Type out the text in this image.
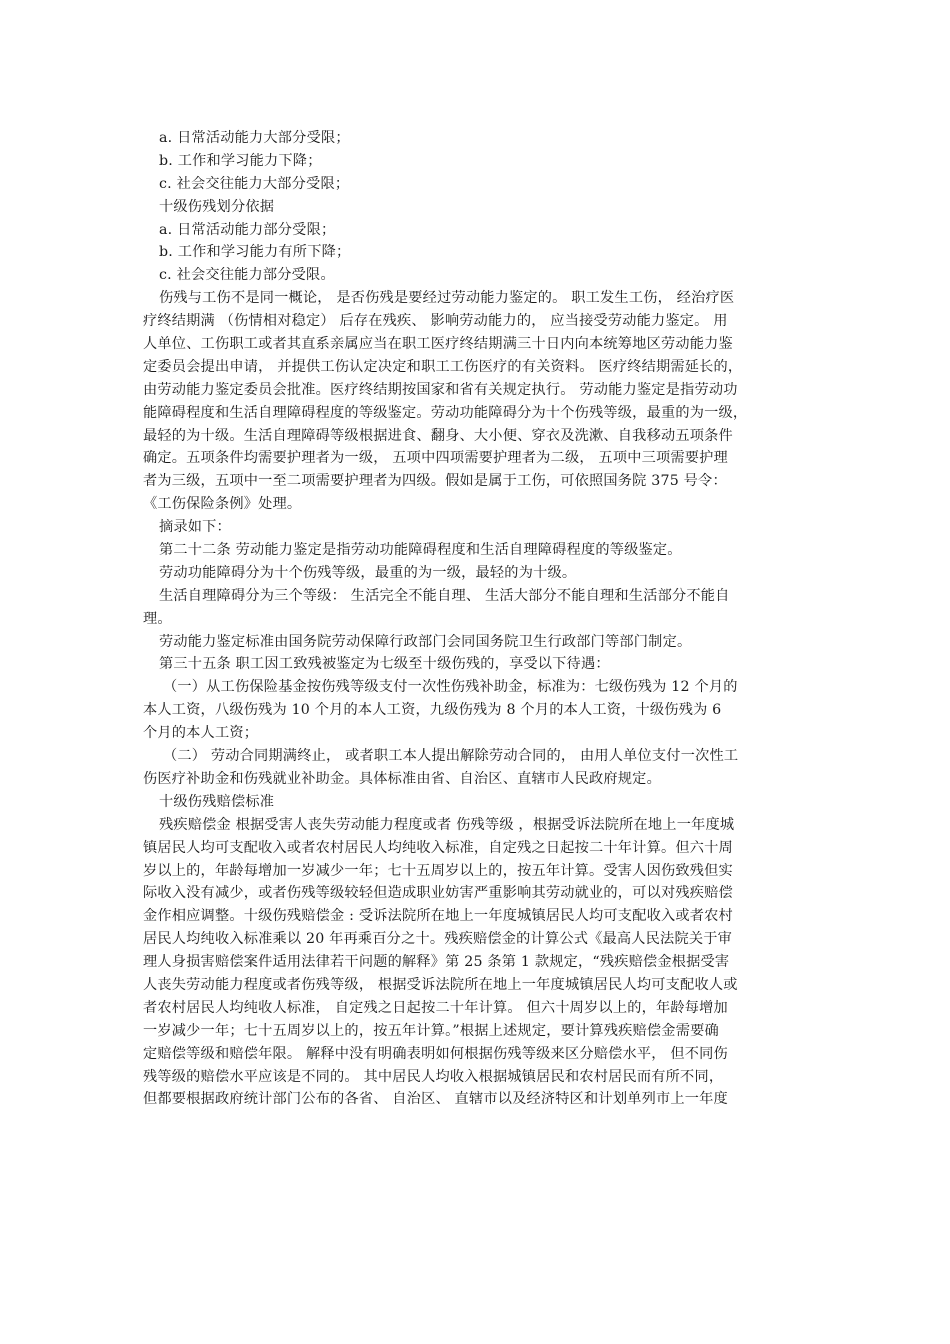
a. 日常活动能力大部分受限；
b. 工作和学习能力下降；
c. 社会交往能力大部分受限；
十级伤残划分依据
a. 日常活动能力部分受限；
b. 工作和学习能力有所下降；
c. 社会交往能力部分受限。
伤残与工伤不是同一概论， 是否伤残是要经过劳动能力鉴定的。 职工发生工伤， 经治疗医
疗终结期满 （伤情相对稳定） 后存在残疾、 影响劳动能力的， 应当接受劳动能力鉴定。 用
人单位、工伤职工或者其直系亲属应当在职工医疗终结期满三十日内向本统筹地区劳动能力鉴
定委员会提出申请， 并提供工伤认定决定和职工工伤医疗的有关资料。 医疗终结期需延长的，
由劳动能力鉴定委员会批准。医疗终结期按国家和省有关规定执行。 劳动能力鉴定是指劳动功
能障碍程度和生活自理障碍程度的等级鉴定。劳动功能障碍分为十个伤残等级，最重的为一级，
最轻的为十级。生活自理障碍等级根据进食、翻身、大小便、穿衣及洗漱、自我移动五项条件
确定。五项条件均需要护理者为一级， 五项中四项需要护理者为二级， 五项中三项需要护理
者为三级，五项中一至二项需要护理者为四级。假如是属于工伤，可依照国务院 375 号令：
《工伤保险条例》处理。
摘录如下：
第二十二条 劳动能力鉴定是指劳动功能障碍程度和生活自理障碍程度的等级鉴定。
劳动功能障碍分为十个伤残等级，最重的为一级，最轻的为十级。
生活自理障碍分为三个等级： 生活完全不能自理、 生活大部分不能自理和生活部分不能自
理。
劳动能力鉴定标准由国务院劳动保障行政部门会同国务院卫生行政部门等部门制定。
第三十五条 职工因工致残被鉴定为七级至十级伤残的，享受以下待遇：
（一）从工伤保险基金按伤残等级支付一次性伤残补助金，标准为：七级伤残为 12 个月的
本人工资，八级伤残为 10 个月的本人工资，九级伤残为 8 个月的本人工资，十级伤残为 6
个月的本人工资；
（二） 劳动合同期满终止， 或者职工本人提出解除劳动合同的， 由用人单位支付一次性工
伤医疗补助金和伤残就业补助金。具体标准由省、自治区、直辖市人民政府规定。
十级伤残赔偿标准
残疾赔偿金 根据受害人丧失劳动能力程度或者 伤残等级 ，根据受诉法院所在地上一年度城
镇居民人均可支配收入或者农村居民人均纯收入标准，自定残之日起按二十年计算。但六十周
岁以上的，年龄每增加一岁减少一年；七十五周岁以上的，按五年计算。受害人因伤致残但实
际收入没有减少，或者伤残等级较轻但造成职业妨害严重影响其劳动就业的，可以对残疾赔偿
金作相应调整。十级伤残赔偿金 : 受诉法院所在地上一年度城镇居民人均可支配收入或者农村
居民人均纯收入标准乘以 20 年再乘百分之十。残疾赔偿金的计算公式《最高人民法院关于审
理人身损害赔偿案件适用法律若干问题的解释》第 25 条第 1 款规定，“残疾赔偿金根据受害
人丧失劳动能力程度或者伤残等级， 根据受诉法院所在地上一年度城镇居民人均可支配收人或
者农村居民人均纯收人标准， 自定残之日起按二十年计算。 但六十周岁以上的，年龄每增加
一岁减少一年；七十五周岁以上的，按五年计算。”根据上述规定，要计算残疾赔偿金需要确
定赔偿等级和赔偿年限。 解释中没有明确表明如何根据伤残等级来区分赔偿水平， 但不同伤
残等级的赔偿水平应该是不同的。 其中居民人均收入根据城镇居民和农村居民而有所不同，
但都要根据政府统计部门公布的各省、 自治区、 直辖市以及经济特区和计划单列市上一年度
